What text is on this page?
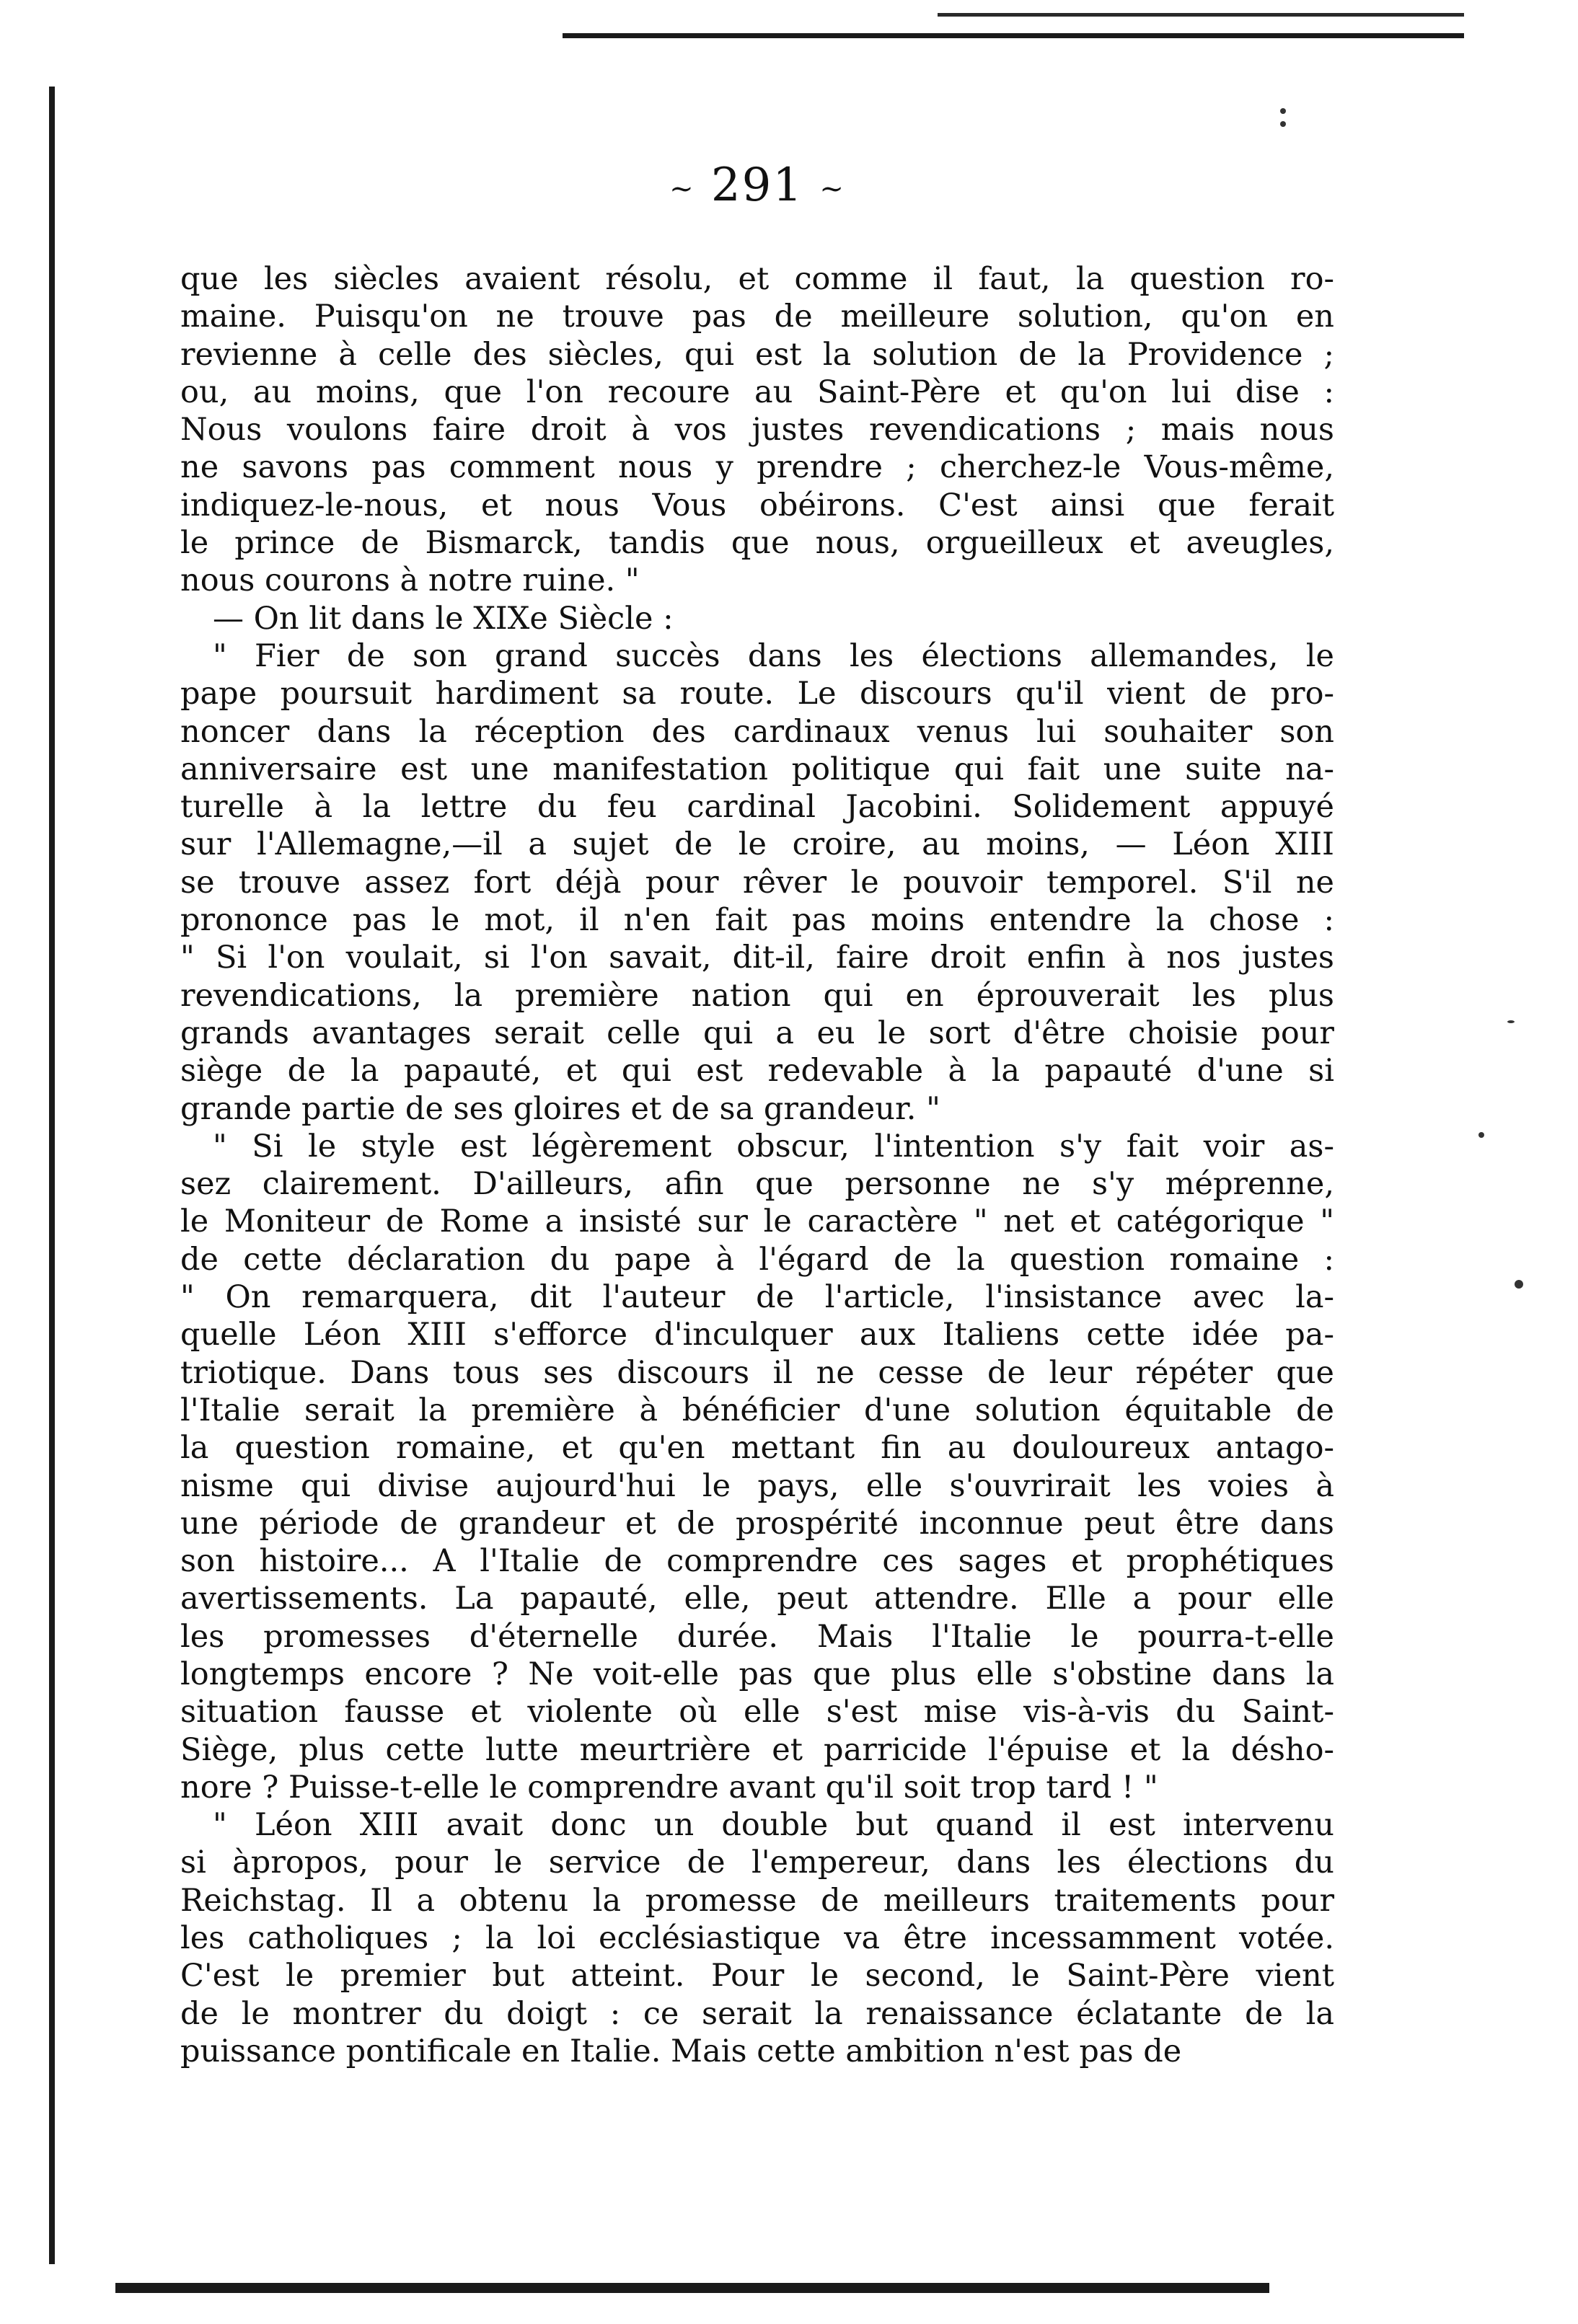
~ 291 ~

que les siècles avaient résolu, et comme il faut, la question ro-
maine. Puisqu'on ne trouve pas de meilleure solution, qu'on en
revienne à celle des siècles, qui est la solution de la Providence ;
ou, au moins, que l'on recoure au Saint-Père et qu'on lui dise :
Nous voulons faire droit à vos justes revendications ; mais nous
ne savons pas comment nous y prendre ; cherchez-le Vous-même,
indiquez-le-nous, et nous Vous obéirons. C'est ainsi que ferait
le prince de Bismarck, tandis que nous, orgueilleux et aveugles,
nous courons à notre ruine. "

— On lit dans le XIXe Siècle :

" Fier de son grand succès dans les élections allemandes, le
pape poursuit hardiment sa route. Le discours qu'il vient de pro-
noncer dans la réception des cardinaux venus lui souhaiter son
anniversaire est une manifestation politique qui fait une suite na-
turelle à la lettre du feu cardinal Jacobini. Solidement appuyé
sur l'Allemagne,—il a sujet de le croire, au moins, — Léon XIII
se trouve assez fort déjà pour rêver le pouvoir temporel. S'il ne
prononce pas le mot, il n'en fait pas moins entendre la chose :
" Si l'on voulait, si l'on savait, dit-il, faire droit enfin à nos justes
revendications, la première nation qui en éprouverait les plus
grands avantages serait celle qui a eu le sort d'être choisie pour
siège de la papauté, et qui est redevable à la papauté d'une si
grande partie de ses gloires et de sa grandeur. "

" Si le style est légèrement obscur, l'intention s'y fait voir as-
sez clairement. D'ailleurs, afin que personne ne s'y méprenne,
le Moniteur de Rome a insisté sur le caractère " net et catégorique "
de cette déclaration du pape à l'égard de la question romaine :
" On remarquera, dit l'auteur de l'article, l'insistance avec la-
quelle Léon XIII s'efforce d'inculquer aux Italiens cette idée pa-
triotique. Dans tous ses discours il ne cesse de leur répéter que
l'Italie serait la première à bénéficier d'une solution équitable de
la question romaine, et qu'en mettant fin au douloureux antago-
nisme qui divise aujourd'hui le pays, elle s'ouvrirait les voies à
une période de grandeur et de prospérité inconnue peut être dans
son histoire... A l'Italie de comprendre ces sages et prophétiques
avertissements. La papauté, elle, peut attendre. Elle a pour elle
les promesses d'éternelle durée. Mais l'Italie le pourra-t-elle
longtemps encore ? Ne voit-elle pas que plus elle s'obstine dans la
situation fausse et violente où elle s'est mise vis-à-vis du Saint-
Siège, plus cette lutte meurtrière et parricide l'épuise et la désho-
nore ? Puisse-t-elle le comprendre avant qu'il soit trop tard ! "

" Léon XIII avait donc un double but quand il est intervenu
si àpropos, pour le service de l'empereur, dans les élections du
Reichstag. Il a obtenu la promesse de meilleurs traitements pour
les catholiques ; la loi ecclésiastique va être incessamment votée.
C'est le premier but atteint. Pour le second, le Saint-Père vient
de le montrer du doigt : ce serait la renaissance éclatante de la
puissance pontificale en Italie. Mais cette ambition n'est pas de
